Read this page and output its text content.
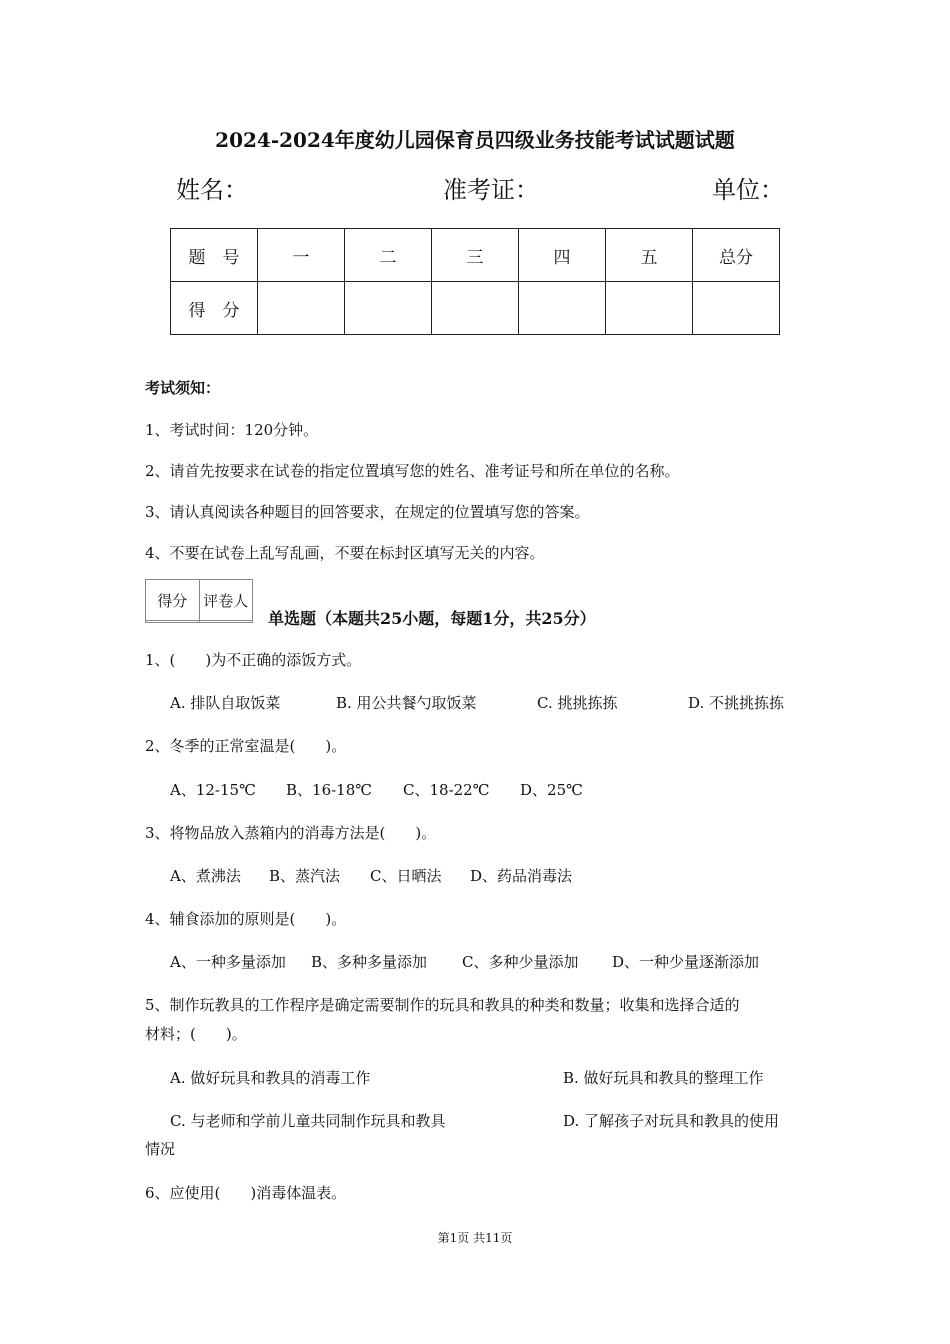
2024-2024年度幼儿园保育员四级业务技能考试试题试题
姓名：	准考证：	单位：
题　号	一	二	三	四	五	总分
得　分						
考试须知：
1、考试时间：120分钟。
2、请首先按要求在试卷的指定位置填写您的姓名、准考证号和所在单位的名称。
3、请认真阅读各种题目的回答要求，在规定的位置填写您的答案。
4、不要在试卷上乱写乱画，不要在标封区填写无关的内容。
得分	评卷人

单选题（本题共25小题，每题1分，共25分）
1、(　　)为不正确的添饭方式。
A. 排队自取饭菜	B. 用公共餐勺取饭菜	C. 挑挑拣拣	D. 不挑挑拣拣
2、冬季的正常室温是(　　)。
A、12-15℃ B、16-18℃ C、18-22℃ D、25℃
3、将物品放入蒸箱内的消毒方法是(　　)。
A、煮沸法 B、蒸汽法 C、日晒法 D、药品消毒法
4、辅食添加的原则是(　　)。
A、一种多量添加 B、多种多量添加 C、多种少量添加 D、一种少量逐渐添加
5、制作玩教具的工作程序是确定需要制作的玩具和教具的种类和数量；收集和选择合适的
材料；(　　)。
A. 做好玩具和教具的消毒工作	B. 做好玩具和教具的整理工作
C. 与老师和学前儿童共同制作玩具和教具	D. 了解孩子对玩具和教具的使用
情况
6、应使用(　　)消毒体温表。
第1页 共11页
